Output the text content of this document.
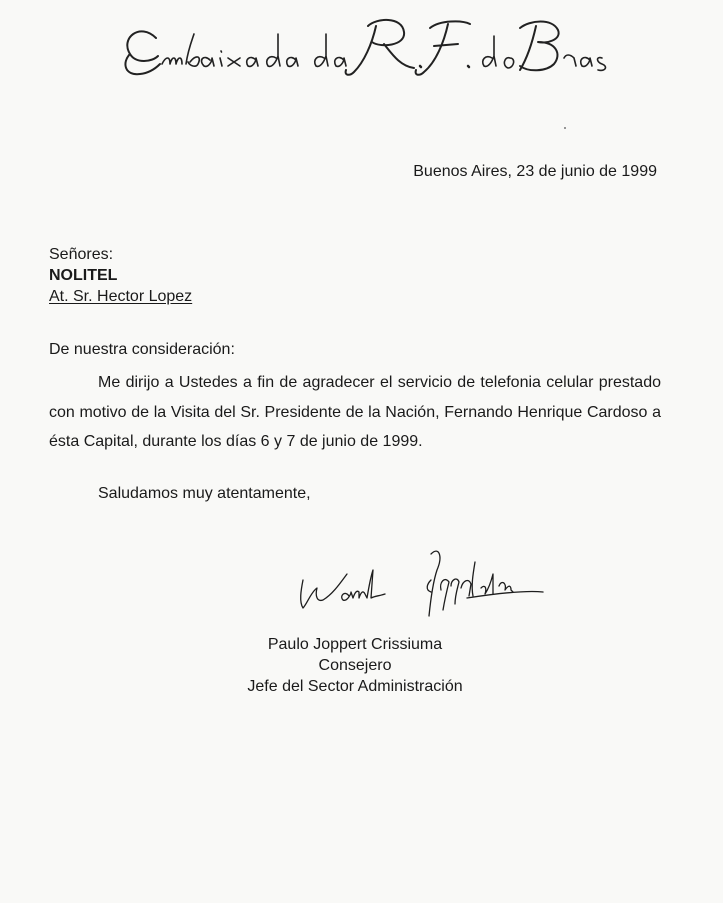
Buenos Aires, 23 de junio de 1999
Señores:
NOLITEL
At. Sr. Hector Lopez
De nuestra consideración:

Me dirijo a Ustedes a fin de agradecer el servicio de telefonia celular prestado con motivo de la Visita del Sr. Presidente de la Nación, Fernando Henrique Cardoso a ésta Capital, durante los días 6 y 7 de junio de 1999.

Saludamos muy atentamente,
Paulo Joppert Crissiuma
Consejero
Jefe del Sector Administración
